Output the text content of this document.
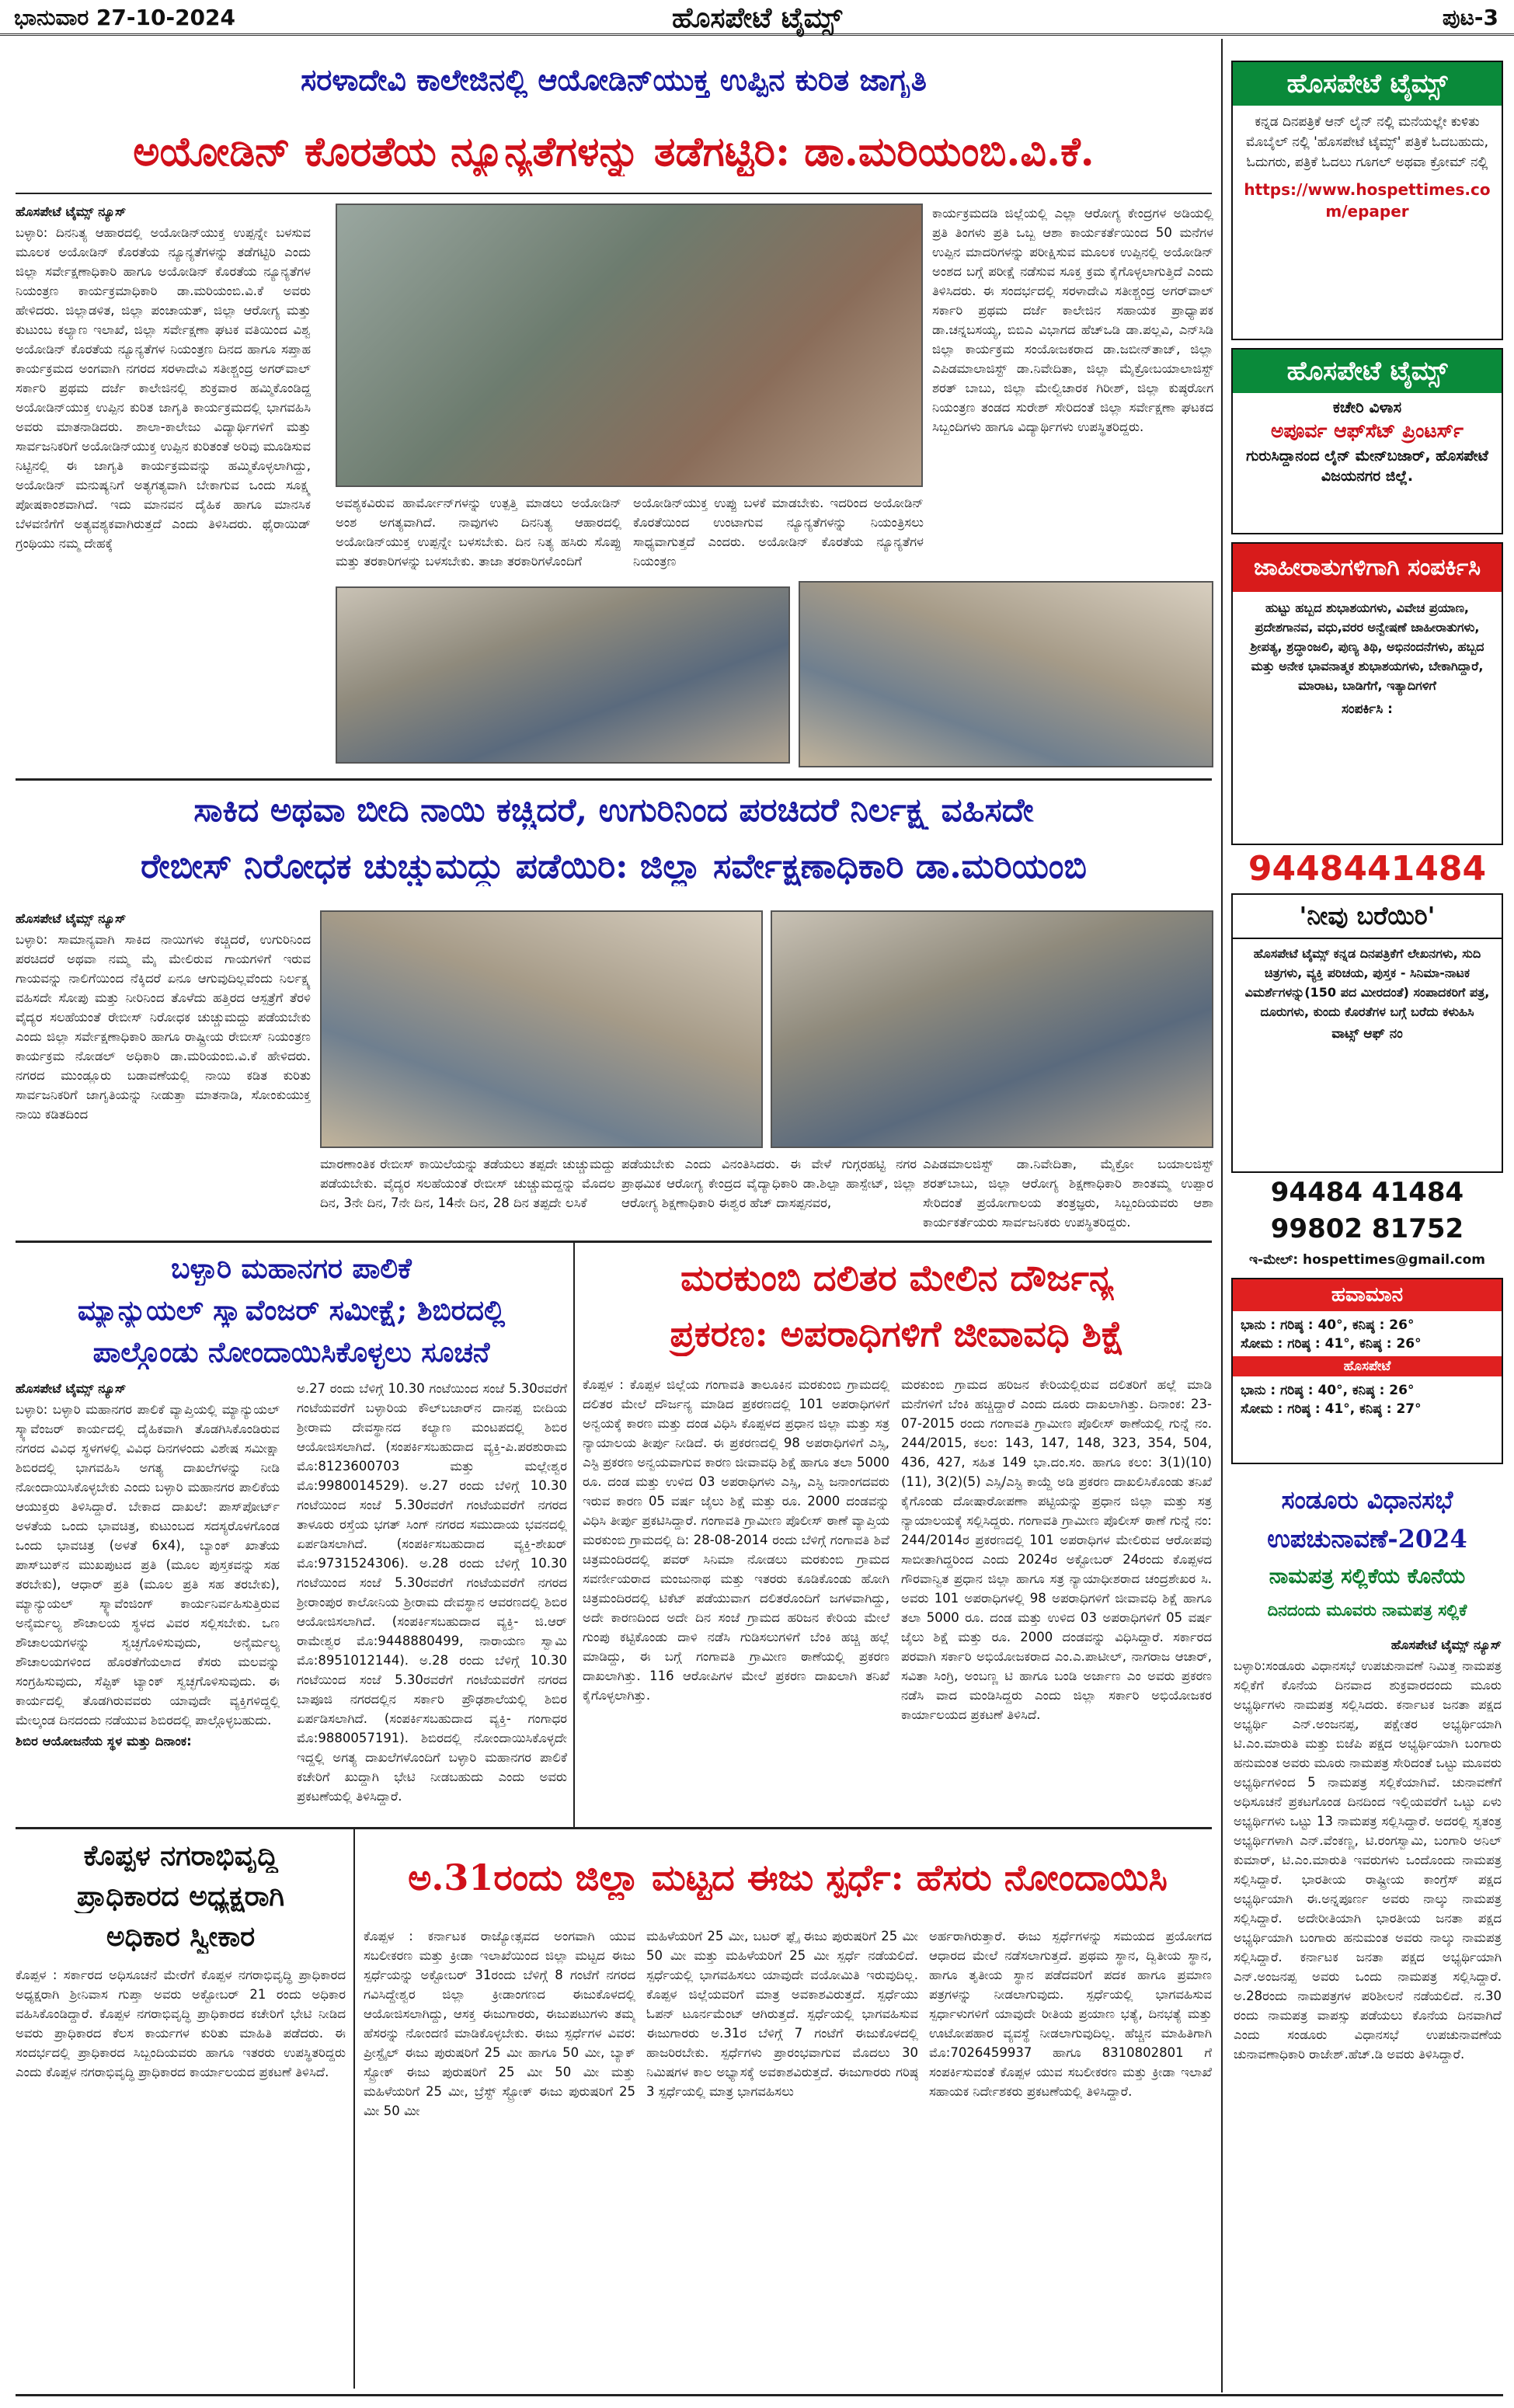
ಭಾನುವಾರ 27-10-2024	ಹೊಸಪೇಟೆ ಟೈಮ್ಸ್	ಪುಟ-3
ಸರಳಾದೇವಿ ಕಾಲೇಜಿನಲ್ಲಿ ಆಯೋಡಿನ್‌ಯುಕ್ತ ಉಪ್ಪಿನ ಕುರಿತ ಜಾಗೃತಿ
ಅಯೋಡಿನ್ ಕೊರತೆಯ ನ್ಯೂನ್ಯತೆಗಳನ್ನು ತಡೆಗಟ್ಟಿರಿ: ಡಾ.ಮರಿಯಂಬಿ.ವಿ.ಕೆ.

ಹೊಸಪೇಟೆ ಟೈಮ್ಸ್ ನ್ಯೂಸ್

ಬಳ್ಳಾರಿ: ದಿನನಿತ್ಯ ಆಹಾರದಲ್ಲಿ ಅಯೋಡಿನ್‌ಯುಕ್ತ ಉಪ್ಪನ್ನೇ ಬಳಸುವ ಮೂಲಕ ಅಯೋಡಿನ್ ಕೊರತೆಯ ನ್ಯೂನ್ಯತೆಗಳನ್ನು ತಡೆಗಟ್ಟಿರಿ ಎಂದು ಜಿಲ್ಲಾ ಸರ್ವೇಕ್ಷಣಾಧಿಕಾರಿ ಹಾಗೂ ಅಯೋಡಿನ್ ಕೊರತೆಯ ನ್ಯೂನ್ಯತೆಗಳ ನಿಯಂತ್ರಣ ಕಾರ್ಯಕ್ರಮಾಧಿಕಾರಿ ಡಾ.ಮರಿಯಂಬಿ.ವಿ.ಕೆ ಅವರು ಹೇಳಿದರು. ಜಿಲ್ಲಾಡಳಿತ, ಜಿಲ್ಲಾ ಪಂಚಾಯತ್, ಜಿಲ್ಲಾ ಆರೋಗ್ಯ ಮತ್ತು ಕುಟುಂಬ ಕಲ್ಯಾಣ ಇಲಾಖೆ, ಜಿಲ್ಲಾ ಸರ್ವೇಕ್ಷಣಾ ಘಟಕ ವತಿಯಿಂದ ವಿಶ್ವ ಅಯೋಡಿನ್ ಕೊರತೆಯ ನ್ಯೂನ್ಯತೆಗಳ ನಿಯಂತ್ರಣ ದಿನದ ಹಾಗೂ ಸಪ್ತಾಹ ಕಾರ್ಯಕ್ರಮದ ಅಂಗವಾಗಿ ನಗರದ ಸರಳಾದೇವಿ ಸತೀಶ್ಚಂದ್ರ ಅಗರ್‌ವಾಲ್ ಸರ್ಕಾರಿ ಪ್ರಥಮ ದರ್ಜೆ ಕಾಲೇಜಿನಲ್ಲಿ ಶುಕ್ರವಾರ ಹಮ್ಮಿಕೊಂಡಿದ್ದ ಅಯೋಡಿನ್‌ಯುಕ್ತ ಉಪ್ಪಿನ ಕುರಿತ ಜಾಗೃತಿ ಕಾರ್ಯಕ್ರಮದಲ್ಲಿ ಭಾಗವಹಿಸಿ ಅವರು ಮಾತನಾಡಿದರು. ಶಾಲಾ-ಕಾಲೇಜು ವಿದ್ಯಾರ್ಥಿಗಳಿಗೆ ಮತ್ತು ಸಾರ್ವಜನಿಕರಿಗೆ ಅಯೋಡಿನ್‌ಯುಕ್ತ ಉಪ್ಪಿನ ಕುರಿತಂತೆ ಅರಿವು ಮೂಡಿಸುವ ನಿಟ್ಟಿನಲ್ಲಿ ಈ ಜಾಗೃತಿ ಕಾರ್ಯಕ್ರಮವನ್ನು ಹಮ್ಮಿಕೊಳ್ಳಲಾಗಿದ್ದು, ಅಯೋಡಿನ್ ಮನುಷ್ಯನಿಗೆ ಅತ್ಯಗತ್ಯವಾಗಿ ಬೇಕಾಗುವ ಒಂದು ಸೂಕ್ಷ್ಮ ಪೋಷಕಾಂಶವಾಗಿದೆ. ಇದು ಮಾನವನ ದೈಹಿಕ ಹಾಗೂ ಮಾನಸಿಕ ಬೆಳವಣಿಗೆಗೆ ಅತ್ಯವಶ್ಯಕವಾಗಿರುತ್ತದೆ ಎಂದು ತಿಳಿಸಿದರು. ಥೈರಾಯಿಡ್ ಗ್ರಂಥಿಯು ನಮ್ಮ ದೇಹಕ್ಕೆ

ಅವಶ್ಯಕವಿರುವ ಹಾರ್ಮೋನ್‌ಗಳನ್ನು ಉತ್ಪತ್ತಿ ಮಾಡಲು ಅಯೋಡಿನ್ ಅಂಶ ಅಗತ್ಯವಾಗಿದೆ. ನಾವುಗಳು ದಿನನಿತ್ಯ ಆಹಾರದಲ್ಲಿ ಅಯೋಡಿನ್‌ಯುಕ್ತ ಉಪ್ಪನ್ನೇ ಬಳಸಬೇಕು. ದಿನ ನಿತ್ಯ ಹಸಿರು ಸೊಪ್ಪು ಮತ್ತು ತರಕಾರಿಗಳನ್ನು ಬಳಸಬೇಕು. ತಾಜಾ ತರಕಾರಿಗಳೊಂದಿಗೆ

ಅಯೋಡಿನ್‌ಯುಕ್ತ ಉಪ್ಪು ಬಳಕೆ ಮಾಡಬೇಕು. ಇದರಿಂದ ಅಯೋಡಿನ್ ಕೊರತೆಯಿಂದ ಉಂಟಾಗುವ ನ್ಯೂನ್ಯತೆಗಳನ್ನು ನಿಯಂತ್ರಿಸಲು ಸಾಧ್ಯವಾಗುತ್ತದೆ ಎಂದರು. ಅಯೋಡಿನ್ ಕೊರತೆಯ ನ್ಯೂನ್ಯತೆಗಳ ನಿಯಂತ್ರಣ

ಕಾರ್ಯಕ್ರಮದಡಿ ಜಿಲ್ಲೆಯಲ್ಲಿ ಎಲ್ಲಾ ಆರೋಗ್ಯ ಕೇಂದ್ರಗಳ ಅಡಿಯಲ್ಲಿ ಪ್ರತಿ ತಿಂಗಳು ಪ್ರತಿ ಒಬ್ಬ ಆಶಾ ಕಾರ್ಯಕರ್ತೆಯಿಂದ 50 ಮನೆಗಳ ಉಪ್ಪಿನ ಮಾದರಿಗಳನ್ನು ಪರೀಕ್ಷಿಸುವ ಮೂಲಕ ಉಪ್ಪಿನಲ್ಲಿ ಅಯೋಡಿನ್ ಅಂಶದ ಬಗ್ಗೆ ಪರೀಕ್ಷೆ ನಡೆಸುವ ಸೂಕ್ತ ಕ್ರಮ ಕೈಗೊಳ್ಳಲಾಗುತ್ತಿದೆ ಎಂದು ತಿಳಿಸಿದರು. ಈ ಸಂದರ್ಭದಲ್ಲಿ ಸರಳಾದೇವಿ ಸತೀಶ್ಚಂದ್ರ ಅಗರ್‌ವಾಲ್ ಸರ್ಕಾರಿ ಪ್ರಥಮ ದರ್ಜೆ ಕಾಲೇಜಿನ ಸಹಾಯಕ ಪ್ರಾಧ್ಯಾಪಕ ಡಾ.ಚನ್ನಬಸಯ್ಯ, ಬಿಬಿಎ ವಿಭಾಗದ ಹೆಚ್‌ಒಡಿ ಡಾ.ಪಲ್ಲವಿ, ಎನ್‌ಸಿಡಿ ಜಿಲ್ಲಾ ಕಾರ್ಯಕ್ರಮ ಸಂಯೋಜಕರಾದ ಡಾ.ಜಬೀನ್‌ತಾಜ್, ಜಿಲ್ಲಾ ಎಪಿಡಮಾಲಾಜಿಸ್ಟ್ ಡಾ.ನಿವೇದಿತಾ, ಜಿಲ್ಲಾ ಮೈಕ್ರೋಬಯಾಲಾಜಿಸ್ಟ್ ಶರತ್ ಬಾಬು, ಜಿಲ್ಲಾ ಮೇಲ್ವಿಚಾರಕ ಗಿರೀಶ್, ಜಿಲ್ಲಾ ಕುಷ್ಠರೋಗ ನಿಯಂತ್ರಣ ತಂಡದ ಸುರೇಶ್ ಸೇರಿದಂತೆ ಜಿಲ್ಲಾ ಸರ್ವೇಕ್ಷಣಾ ಘಟಕದ ಸಿಬ್ಬಂದಿಗಳು ಹಾಗೂ ವಿದ್ಯಾರ್ಥಿಗಳು ಉಪಸ್ಥಿತರಿದ್ದರು.

ಸಾಕಿದ ಅಥವಾ ಬೀದಿ ನಾಯಿ ಕಚ್ಚಿದರೆ, ಉಗುರಿನಿಂದ ಪರಚಿದರೆ ನಿರ್ಲಕ್ಷ್ಯ ವಹಿಸದೇ
ರೇಬೀಸ್ ನಿರೋಧಕ ಚುಚ್ಚುಮದ್ದು ಪಡೆಯಿರಿ: ಜಿಲ್ಲಾ ಸರ್ವೇಕ್ಷಣಾಧಿಕಾರಿ ಡಾ.ಮರಿಯಂಬಿ

ಹೊಸಪೇಟೆ ಟೈಮ್ಸ್ ನ್ಯೂಸ್

ಬಳ್ಳಾರಿ: ಸಾಮಾನ್ಯವಾಗಿ ಸಾಕಿದ ನಾಯಿಗಳು ಕಚ್ಚಿದರೆ, ಉಗುರಿನಿಂದ ಪರಚಿದರೆ ಅಥವಾ ನಮ್ಮ ಮೈ ಮೇಲಿರುವ ಗಾಯಗಳಿಗೆ ಇರುವ ಗಾಯವನ್ನು ನಾಲಿಗೆಯಿಂದ ನೆಕ್ಕಿದರೆ ಏನೂ ಆಗುವುದಿಲ್ಲವೆಂದು ನಿರ್ಲಕ್ಷ್ಯ ವಹಿಸದೇ ಸೋಪು ಮತ್ತು ನೀರಿನಿಂದ ತೊಳೆದು ಹತ್ತಿರದ ಆಸ್ಪತ್ರೆಗೆ ತೆರಳಿ ವೈದ್ಯರ ಸಲಹೆಯಂತೆ ರೇಬೀಸ್ ನಿರೋಧಕ ಚುಚ್ಚುಮದ್ದು ಪಡೆಯಬೇಕು ಎಂದು ಜಿಲ್ಲಾ ಸರ್ವೇಕ್ಷಣಾಧಿಕಾರಿ ಹಾಗೂ ರಾಷ್ಟ್ರೀಯ ರೇಬೀಸ್ ನಿಯಂತ್ರಣ ಕಾರ್ಯಕ್ರಮ ನೋಡಲ್ ಅಧಿಕಾರಿ ಡಾ.ಮರಿಯಂಬಿ.ವಿ.ಕೆ ಹೇಳಿದರು. ನಗರದ ಮುಂಡ್ಲೂರು ಬಡಾವಣೆಯಲ್ಲಿ ನಾಯಿ ಕಡಿತ ಕುರಿತು ಸಾರ್ವಜನಿಕರಿಗೆ ಜಾಗೃತಿಯನ್ನು ನೀಡುತ್ತಾ ಮಾತನಾಡಿ, ಸೋಂಕುಯುಕ್ತ ನಾಯಿ ಕಡಿತದಿಂದ

ಮಾರಣಾಂತಿಕ ರೇಬೀಸ್ ಕಾಯಿಲೆಯನ್ನು ತಡೆಯಲು ತಪ್ಪದೇ ಚುಚ್ಚುಮದ್ದು ಪಡೆಯಬೇಕು. ವೈದ್ಯರ ಸಲಹೆಯಂತೆ ರೇಬೀಸ್ ಚುಚ್ಚುಮದ್ದನ್ನು ಮೊದಲ ದಿನ, 3ನೇ ದಿನ, 7ನೇ ದಿನ, 14ನೇ ದಿನ, 28 ದಿನ ತಪ್ಪದೇ ಲಸಿಕೆ

ಪಡೆಯಬೇಕು ಎಂದು ವಿನಂತಿಸಿದರು. ಈ ವೇಳೆ ಗುಗ್ಗರಹಟ್ಟಿ ನಗರ ಪ್ರಾಥಮಿಕ ಆರೋಗ್ಯ ಕೇಂದ್ರದ ವೈದ್ಯಾಧಿಕಾರಿ ಡಾ.ಶಿಲ್ಪಾ ಹಾಸ್ಪೇಟ್, ಜಿಲ್ಲಾ ಆರೋಗ್ಯ ಶಿಕ್ಷಣಾಧಿಕಾರಿ ಈಶ್ವರ ಹೆಚ್ ದಾಸಪ್ಪನವರ,

ಎಪಿಡಮಾಲಜಿಸ್ಟ್ ಡಾ.ನಿವೇದಿತಾ, ಮೈಕ್ರೋ ಬಯಾಲಜಿಸ್ಟ್ ಶರತ್‌ಬಾಬು, ಜಿಲ್ಲಾ ಆರೋಗ್ಯ ಶಿಕ್ಷಣಾಧಿಕಾರಿ ಶಾಂತಮ್ಮ ಉಪ್ಪಾರ ಸೇರಿದಂತೆ ಪ್ರಯೋಗಾಲಯ ತಂತ್ರಜ್ಞರು, ಸಿಬ್ಬಂದಿಯವರು ಆಶಾ ಕಾರ್ಯಕರ್ತೆಯರು ಸಾರ್ವಜನಿಕರು ಉಪಸ್ಥಿತರಿದ್ದರು.

ಬಳ್ಳಾರಿ ಮಹಾನಗರ ಪಾಲಿಕೆ
ಮ್ಯಾನ್ಯುಯಲ್ ಸ್ಕ್ಯಾವೆಂಜರ್ ಸಮೀಕ್ಷೆ; ಶಿಬಿರದಲ್ಲಿ
ಪಾಲ್ಗೊಂಡು ನೋಂದಾಯಿಸಿಕೊಳ್ಳಲು ಸೂಚನೆ

ಹೊಸಪೇಟೆ ಟೈಮ್ಸ್ ನ್ಯೂಸ್

ಬಳ್ಳಾರಿ: ಬಳ್ಳಾರಿ ಮಹಾನಗರ ಪಾಲಿಕೆ ವ್ಯಾಪ್ತಿಯಲ್ಲಿ ಮ್ಯಾನ್ಯುಯಲ್ ಸ್ಕ್ಯಾವೆಂಜರ್ ಕಾರ್ಯದಲ್ಲಿ ದೈಹಿಕವಾಗಿ ತೊಡಗಿಸಿಕೊಂಡಿರುವ ನಗರದ ವಿವಿಧ ಸ್ಥಳಗಳಲ್ಲಿ ವಿವಿಧ ದಿನಗಳಂದು ವಿಶೇಷ ಸಮೀಕ್ಷಾ ಶಿಬಿರದಲ್ಲಿ ಭಾಗವಹಿಸಿ ಅಗತ್ಯ ದಾಖಲೆಗಳನ್ನು ನೀಡಿ ನೋಂದಾಯಿಸಿಕೊಳ್ಳಬೇಕು ಎಂದು ಬಳ್ಳಾರಿ ಮಹಾನಗರ ಪಾಲಿಕೆಯ ಆಯುಕ್ತರು ತಿಳಿಸಿದ್ದಾರೆ. ಬೇಕಾದ ದಾಖಲೆ: ಪಾಸ್‌ಪೋರ್ಟ್ ಅಳತೆಯ ಒಂದು ಭಾವಚಿತ್ರ, ಕುಟುಂಬದ ಸದಸ್ಯರೊಳಗೊಂಡ ಒಂದು ಭಾವಚಿತ್ರ (ಅಳತೆ 6x4), ಬ್ಯಾಂಕ್ ಖಾತೆಯ ಪಾಸ್‌ಬುಕ್‌ನ ಮುಖಪುಟದ ಪ್ರತಿ (ಮೂಲ ಪುಸ್ತಕವನ್ನು ಸಹ ತರಬೇಕು), ಆಧಾರ್ ಪ್ರತಿ (ಮೂಲ ಪ್ರತಿ ಸಹ ತರಬೇಕು), ಮ್ಯಾನ್ಯುಯಲ್ ಸ್ಕ್ಯಾವೆಂಜಿಂಗ್ ಕಾರ್ಯನಿರ್ವಹಿಸುತ್ತಿರುವ ಅನೈರ್ಮಲ್ಯ ಶೌಚಾಲಯ ಸ್ಥಳದ ವಿವರ ಸಲ್ಲಿಸಬೇಕು. ಒಣ ಶೌಚಾಲಯಗಳನ್ನು ಸ್ವಚ್ಛಗೊಳಿಸುವುದು, ಅನೈರ್ಮಲ್ಯ ಶೌಚಾಲಯಗಳಿಂದ ಹೊರತೆಗೆಯಲಾದ ಕೆಸರು ಮಲವನ್ನು ಸಂಗ್ರಹಿಸುವುದು, ಸೆಪ್ಟಿಕ್ ಟ್ಯಾಂಕ್ ಸ್ವಚ್ಛಗೊಳಿಸುವುದು. ಈ ಕಾರ್ಯದಲ್ಲಿ ತೊಡಗಿರುವವರು ಯಾವುದೇ ವ್ಯಕ್ತಿಗಳಿದ್ದಲ್ಲಿ ಮೇಲ್ಕಂಡ ದಿನದಂದು ನಡೆಯುವ ಶಿಬಿರದಲ್ಲಿ ಪಾಲ್ಗೊಳ್ಳಬಹುದು.

ಶಿಬಿರ ಆಯೋಜನೆಯ ಸ್ಥಳ ಮತ್ತು ದಿನಾಂಕ:

ಅ.27 ರಂದು ಬೆಳಿಗ್ಗೆ 10.30 ಗಂಟೆಯಿಂದ ಸಂಜೆ 5.30ರವರೆಗೆ ಗಂಟೆಯವರೆಗೆ ಬಳ್ಳಾರಿಯ ಕೌಲ್‌ಬಜಾರ್‌ನ ದಾನಪ್ಪ ಬೀದಿಯ ಶ್ರೀರಾಮ ದೇವಸ್ಥಾನದ ಕಲ್ಯಾಣ ಮಂಟಪದಲ್ಲಿ ಶಿಬಿರ ಆಯೋಜಿಸಲಾಗಿದೆ. (ಸಂಪರ್ಕಿಸಬಹುದಾದ ವ್ಯಕ್ತಿ-ಪಿ.ಪರಶುರಾಮ ಮೊ:8123600703 ಮತ್ತು ಮಲ್ಲೇಶ್ವರ ಮೊ:9980014529). ಅ.27 ರಂದು ಬೆಳಿಗ್ಗೆ 10.30 ಗಂಟೆಯಿಂದ ಸಂಜೆ 5.30ರವರೆಗೆ ಗಂಟೆಯವರೆಗೆ ನಗರದ ತಾಳೂರು ರಸ್ತೆಯ ಭಗತ್ ಸಿಂಗ್ ನಗರದ ಸಮುದಾಯ ಭವನದಲ್ಲಿ ಏರ್ಪಡಿಸಲಾಗಿದೆ. (ಸಂಪರ್ಕಿಸಬಹುದಾದ ವ್ಯಕ್ತಿ-ಶೇಖರ್ ಮೊ:9731524306). ಅ.28 ರಂದು ಬೆಳಿಗ್ಗೆ 10.30 ಗಂಟೆಯಿಂದ ಸಂಜೆ 5.30ರವರೆಗೆ ಗಂಟೆಯವರೆಗೆ ನಗರದ ಶ್ರೀರಾಂಪುರ ಕಾಲೋನಿಯ ಶ್ರೀರಾಮ ದೇವಸ್ಥಾನ ಆವರಣದಲ್ಲಿ ಶಿಬಿರ ಆಯೋಜಿಸಲಾಗಿದೆ. (ಸಂಪರ್ಕಿಸಬಹುದಾದ ವ್ಯಕ್ತಿ- ಜಿ.ಆರ್ ರಾಮೇಶ್ವರ ಮೊ:9448880499, ನಾರಾಯಣ ಸ್ವಾಮಿ ಮೊ:8951012144). ಅ.28 ರಂದು ಬೆಳಿಗ್ಗೆ 10.30 ಗಂಟೆಯಿಂದ ಸಂಜೆ 5.30ರವರೆಗೆ ಗಂಟೆಯವರೆಗೆ ನಗರದ ಬಾಪೂಜಿ ನಗರದಲ್ಲಿನ ಸರ್ಕಾರಿ ಪ್ರೌಢಶಾಲೆಯಲ್ಲಿ ಶಿಬಿರ ಏರ್ಪಡಿಸಲಾಗಿದೆ. (ಸಂಪರ್ಕಿಸಬಹುದಾದ ವ್ಯಕ್ತಿ- ಗಂಗಾಧರ ಮೊ:9880057191). ಶಿಬಿರದಲ್ಲಿ ನೋಂದಾಯಿಸಿಕೊಳ್ಳದೇ ಇದ್ದಲ್ಲಿ ಅಗತ್ಯ ದಾಖಲೆಗಳೊಂದಿಗೆ ಬಳ್ಳಾರಿ ಮಹಾನಗರ ಪಾಲಿಕೆ ಕಚೇರಿಗೆ ಖುದ್ದಾಗಿ ಭೇಟಿ ನೀಡಬಹುದು ಎಂದು ಅವರು ಪ್ರಕಟಣೆಯಲ್ಲಿ ತಿಳಿಸಿದ್ದಾರೆ.

ಮರಕುಂಬಿ ದಲಿತರ ಮೇಲಿನ ದೌರ್ಜನ್ಯ
ಪ್ರಕರಣ: ಅಪರಾಧಿಗಳಿಗೆ ಜೀವಾವಧಿ ಶಿಕ್ಷೆ

ಕೊಪ್ಪಳ : ಕೊಪ್ಪಳ ಜಿಲ್ಲೆಯ ಗಂಗಾವತಿ ತಾಲೂಕಿನ ಮರಕುಂಬಿ ಗ್ರಾಮದಲ್ಲಿ ದಲಿತರ ಮೇಲೆ ದೌರ್ಜನ್ಯ ಮಾಡಿದ ಪ್ರಕರಣದಲ್ಲಿ 101 ಅಪರಾಧಿಗಳಿಗೆ ಅನ್ವಯಕ್ಕೆ ಕಾರಣ ಮತ್ತು ದಂಡ ವಿಧಿಸಿ ಕೊಪ್ಪಳದ ಪ್ರಧಾನ ಜಿಲ್ಲಾ ಮತ್ತು ಸತ್ರ ನ್ಯಾಯಾಲಯ ತೀರ್ಪು ನೀಡಿದೆ. ಈ ಪ್ರಕರಣದಲ್ಲಿ 98 ಅಪರಾಧಿಗಳಿಗೆ ಎಸ್ಸಿ, ಎಸ್ಟಿ ಪ್ರಕರಣ ಅನ್ವಯವಾಗುವ ಕಾರಣ ಜೀವಾವಧಿ ಶಿಕ್ಷೆ ಹಾಗೂ ತಲಾ 5000 ರೂ. ದಂಡ ಮತ್ತು ಉಳಿದ 03 ಅಪರಾಧಿಗಳು ಎಸ್ಸಿ, ಎಸ್ಟಿ ಜನಾಂಗದವರು ಇರುವ ಕಾರಣ 05 ವರ್ಷ ಜೈಲು ಶಿಕ್ಷೆ ಮತ್ತು ರೂ. 2000 ದಂಡವನ್ನು ವಿಧಿಸಿ ತೀರ್ಪು ಪ್ರಕಟಿಸಿದ್ದಾರೆ. ಗಂಗಾವತಿ ಗ್ರಾಮೀಣ ಪೊಲೀಸ್ ಠಾಣೆ ವ್ಯಾಪ್ತಿಯ ಮರಕುಂಬಿ ಗ್ರಾಮದಲ್ಲಿ ದಿ: 28-08-2014 ರಂದು ಬೆಳಿಗ್ಗೆ ಗಂಗಾವತಿ ಶಿವೆ ಚಿತ್ರಮಂದಿರದಲ್ಲಿ ಪವರ್ ಸಿನಿಮಾ ನೋಡಲು ಮರಕುಂಬಿ ಗ್ರಾಮದ ಸವರ್ಣೀಯರಾದ ಮಂಜುನಾಥ ಮತ್ತು ಇತರರು ಕೂಡಿಕೊಂಡು ಹೋಗಿ ಚಿತ್ರಮಂದಿರದಲ್ಲಿ ಟಿಕೆಟ್ ಪಡೆಯುವಾಗ ದಲಿತರೊಂದಿಗೆ ಜಗಳವಾಗಿದ್ದು, ಅದೇ ಕಾರಣದಿಂದ ಅದೇ ದಿನ ಸಂಜೆ ಗ್ರಾಮದ ಹರಿಜನ ಕೇರಿಯ ಮೇಲೆ ಗುಂಪು ಕಟ್ಟಿಕೊಂಡು ದಾಳಿ ನಡೆಸಿ ಗುಡಿಸಲುಗಳಿಗೆ ಬೆಂಕಿ ಹಚ್ಚಿ ಹಲ್ಲೆ ಮಾಡಿದ್ದು, ಈ ಬಗ್ಗೆ ಗಂಗಾವತಿ ಗ್ರಾಮೀಣ ಠಾಣೆಯಲ್ಲಿ ಪ್ರಕರಣ ದಾಖಲಾಗಿತ್ತು. 116 ಆರೋಪಿಗಳ ಮೇಲೆ ಪ್ರಕರಣ ದಾಖಲಾಗಿ ತನಿಖೆ ಕೈಗೊಳ್ಳಲಾಗಿತ್ತು.

ಮರಕುಂಬಿ ಗ್ರಾಮದ ಹರಿಜನ ಕೇರಿಯಲ್ಲಿರುವ ದಲಿತರಿಗೆ ಹಲ್ಲೆ ಮಾಡಿ ಮನೆಗಳಿಗೆ ಬೆಂಕಿ ಹಚ್ಚಿದ್ದಾರೆ ಎಂದು ದೂರು ದಾಖಲಾಗಿತ್ತು. ದಿನಾಂಕ: 23-07-2015 ರಂದು ಗಂಗಾವತಿ ಗ್ರಾಮೀಣ ಪೊಲೀಸ್ ಠಾಣೆಯಲ್ಲಿ ಗುನ್ನೆ ನಂ. 244/2015, ಕಲಂ: 143, 147, 148, 323, 354, 504, 436, 427, ಸಹಿತ 149 ಭಾ.ದಂ.ಸಂ. ಹಾಗೂ ಕಲಂ: 3(1)(10)(11), 3(2)(5) ಎಸ್ಸಿ/ಎಸ್ಟಿ ಕಾಯ್ದೆ ಅಡಿ ಪ್ರಕರಣ ದಾಖಲಿಸಿಕೊಂಡು ತನಿಖೆ ಕೈಗೊಂಡು ದೋಷಾರೋಪಣಾ ಪಟ್ಟಿಯನ್ನು ಪ್ರಧಾನ ಜಿಲ್ಲಾ ಮತ್ತು ಸತ್ರ ನ್ಯಾಯಾಲಯಕ್ಕೆ ಸಲ್ಲಿಸಿದ್ದರು. ಗಂಗಾವತಿ ಗ್ರಾಮೀಣ ಪೊಲೀಸ್ ಠಾಣೆ ಗುನ್ನೆ ನಂ: 244/2014ರ ಪ್ರಕರಣದಲ್ಲಿ 101 ಅಪರಾಧಿಗಳ ಮೇಲಿರುವ ಆರೋಪವು ಸಾಬೀತಾಗಿದ್ದರಿಂದ ಎಂದು 2024ರ ಅಕ್ಟೋಬರ್ 24ರಂದು ಕೊಪ್ಪಳದ ಗೌರವಾನ್ವಿತ ಪ್ರಧಾನ ಜಿಲ್ಲಾ ಹಾಗೂ ಸತ್ರ ನ್ಯಾಯಾಧೀಶರಾದ ಚಂದ್ರಶೇಖರ ಸಿ. ಅವರು 101 ಅಪರಾಧಿಗಳಲ್ಲಿ 98 ಅಪರಾಧಿಗಳಿಗೆ ಜೀವಾವಧಿ ಶಿಕ್ಷೆ ಹಾಗೂ ತಲಾ 5000 ರೂ. ದಂಡ ಮತ್ತು ಉಳಿದ 03 ಅಪರಾಧಿಗಳಿಗೆ 05 ವರ್ಷ ಜೈಲು ಶಿಕ್ಷೆ ಮತ್ತು ರೂ. 2000 ದಂಡವನ್ನು ವಿಧಿಸಿದ್ದಾರೆ. ಸರ್ಕಾರದ ಪರವಾಗಿ ಸರ್ಕಾರಿ ಅಭಿಯೋಜಕರಾದ ಎಂ.ಎ.ಪಾಟೀಲ್, ನಾಗರಾಜ ಆಚಾರ್, ಸವಿತಾ ಸಿಂಗ್ರಿ, ಅಂಬಣ್ಣ ಟಿ ಹಾಗೂ ಬಂಡಿ ಅರ್ಜಾಣ ಎಂ ಅವರು ಪ್ರಕರಣ ನಡೆಸಿ ವಾದ ಮಂಡಿಸಿದ್ದರು ಎಂದು ಜಿಲ್ಲಾ ಸರ್ಕಾರಿ ಅಭಿಯೋಜಕರ ಕಾರ್ಯಾಲಯದ ಪ್ರಕಟಣೆ ತಿಳಿಸಿದೆ.

ಕೊಪ್ಪಳ ನಗರಾಭಿವೃದ್ಧಿ
ಪ್ರಾಧಿಕಾರದ ಅಧ್ಯಕ್ಷರಾಗಿ
ಅಧಿಕಾರ ಸ್ವೀಕಾರ

ಕೊಪ್ಪಳ : ಸರ್ಕಾರದ ಅಧಿಸೂಚನೆ ಮೇರೆಗೆ ಕೊಪ್ಪಳ ನಗರಾಭಿವೃದ್ಧಿ ಪ್ರಾಧಿಕಾರದ ಅಧ್ಯಕ್ಷರಾಗಿ ಶ್ರೀನಿವಾಸ ಗುಪ್ತಾ ಅವರು ಅಕ್ಟೋಬರ್ 21 ರಂದು ಅಧಿಕಾರ ವಹಿಸಿಕೊಂಡಿದ್ದಾರೆ. ಕೊಪ್ಪಳ ನಗರಾಭಿವೃದ್ಧಿ ಪ್ರಾಧಿಕಾರದ ಕಚೇರಿಗೆ ಭೇಟಿ ನೀಡಿದ ಅವರು ಪ್ರಾಧಿಕಾರದ ಕೆಲಸ ಕಾರ್ಯಗಳ ಕುರಿತು ಮಾಹಿತಿ ಪಡೆದರು. ಈ ಸಂದರ್ಭದಲ್ಲಿ ಪ್ರಾಧಿಕಾರದ ಸಿಬ್ಬಂದಿಯವರು ಹಾಗೂ ಇತರರು ಉಪಸ್ಥಿತರಿದ್ದರು ಎಂದು ಕೊಪ್ಪಳ ನಗರಾಭಿವೃದ್ಧಿ ಪ್ರಾಧಿಕಾರದ ಕಾರ್ಯಾಲಯದ ಪ್ರಕಟಣೆ ತಿಳಿಸಿದೆ.

ಅ.31ರಂದು ಜಿಲ್ಲಾ ಮಟ್ಟದ ಈಜು ಸ್ಪರ್ಧೆ: ಹೆಸರು ನೋಂದಾಯಿಸಿ

ಕೊಪ್ಪಳ : ಕರ್ನಾಟಕ ರಾಜ್ಯೋತ್ಸವದ ಅಂಗವಾಗಿ ಯುವ ಸಬಲೀಕರಣ ಮತ್ತು ಕ್ರೀಡಾ ಇಲಾಖೆಯಿಂದ ಜಿಲ್ಲಾ ಮಟ್ಟದ ಈಜು ಸ್ಪರ್ಧೆಯನ್ನು ಅಕ್ಟೋಬರ್ 31ರಂದು ಬೆಳಿಗ್ಗೆ 8 ಗಂಟೆಗೆ ನಗರದ ಗವಿಸಿದ್ದೇಶ್ವರ ಜಿಲ್ಲಾ ಕ್ರೀಡಾಂಗಣದ ಈಜುಕೊಳದಲ್ಲಿ ಆಯೋಜಿಸಲಾಗಿದ್ದು, ಆಸಕ್ತ ಈಜುಗಾರರು, ಈಜುಪಟುಗಳು ತಮ್ಮ ಹೆಸರನ್ನು ನೋಂದಣಿ ಮಾಡಿಕೊಳ್ಳಬೇಕು. ಈಜು ಸ್ಪರ್ಧೆಗಳ ವಿವರ: ಪ್ರೀಸ್ಟೈಲ್ ಈಜು ಪುರುಷರಿಗೆ 25 ಮೀ ಹಾಗೂ 50 ಮೀ, ಬ್ಯಾಕ್ ಸ್ಟ್ರೋಕ್ ಈಜು ಪುರುಷರಿಗೆ 25 ಮೀ 50 ಮೀ ಮತ್ತು ಮಹಿಳೆಯರಿಗೆ 25 ಮೀ, ಬ್ರೆಸ್ಟ್ ಸ್ಟ್ರೋಕ್ ಈಜು ಪುರುಷರಿಗೆ 25 ಮೀ 50 ಮೀ

ಮಹಿಳೆಯರಿಗೆ 25 ಮೀ, ಬಟರ್ ಫ್ಲೈ ಈಜು ಪುರುಷರಿಗೆ 25 ಮೀ 50 ಮೀ ಮತ್ತು ಮಹಿಳೆಯರಿಗೆ 25 ಮೀ ಸ್ಪರ್ಧೆ ನಡೆಯಲಿದೆ. ಸ್ಪರ್ಧೆಯಲ್ಲಿ ಭಾಗವಹಿಸಲು ಯಾವುದೇ ವಯೋಮಿತಿ ಇರುವುದಿಲ್ಲ. ಕೊಪ್ಪಳ ಜಿಲ್ಲೆಯವರಿಗೆ ಮಾತ್ರ ಅವಕಾಶವಿರುತ್ತದೆ. ಸ್ಪರ್ಧೆಯು ಓಪನ್ ಟೂರ್ನಮೆಂಟ್ ಆಗಿರುತ್ತದೆ. ಸ್ಪರ್ಧೆಯಲ್ಲಿ ಭಾಗವಹಿಸುವ ಈಜುಗಾರರು ಅ.31ರ ಬೆಳಿಗ್ಗೆ 7 ಗಂಟೆಗೆ ಈಜುಕೊಳದಲ್ಲಿ ಹಾಜರಿರಬೇಕು. ಸ್ಪರ್ಧೆಗಳು ಪ್ರಾರಂಭವಾಗುವ ಮೊದಲು 30 ನಿಮಿಷಗಳ ಕಾಲ ಅಭ್ಯಾಸಕ್ಕೆ ಅವಕಾಶವಿರುತ್ತದೆ. ಈಜುಗಾರರು ಗರಿಷ್ಠ 3 ಸ್ಪರ್ಧೆಯಲ್ಲಿ ಮಾತ್ರ ಭಾಗವಹಿಸಲು

ಅರ್ಹರಾಗಿರುತ್ತಾರೆ. ಈಜು ಸ್ಪರ್ಧೆಗಳನ್ನು ಸಮಯದ ಪ್ರಯೋಗದ ಆಧಾರದ ಮೇಲೆ ನಡೆಸಲಾಗುತ್ತದೆ. ಪ್ರಥಮ ಸ್ಥಾನ, ದ್ವಿತೀಯ ಸ್ಥಾನ, ಹಾಗೂ ತೃತೀಯ ಸ್ಥಾನ ಪಡೆದವರಿಗೆ ಪದಕ ಹಾಗೂ ಪ್ರಮಾಣ ಪತ್ರಗಳನ್ನು ನೀಡಲಾಗುವುದು. ಸ್ಪರ್ಧೆಯಲ್ಲಿ ಭಾಗವಹಿಸುವ ಸ್ಪರ್ಧಾಳುಗಳಿಗೆ ಯಾವುದೇ ರೀತಿಯ ಪ್ರಯಾಣ ಭತ್ಯೆ, ದಿನಭತ್ಯೆ ಮತ್ತು ಊಟೋಪಹಾರ ವ್ಯವಸ್ಥೆ ನೀಡಲಾಗುವುದಿಲ್ಲ. ಹೆಚ್ಚಿನ ಮಾಹಿತಿಗಾಗಿ ಮೊ:7026459937 ಹಾಗೂ 8310802801 ಗೆ ಸಂಪರ್ಕಿಸುವಂತೆ ಕೊಪ್ಪಳ ಯುವ ಸಬಲೀಕರಣ ಮತ್ತು ಕ್ರೀಡಾ ಇಲಾಖೆ ಸಹಾಯಕ ನಿರ್ದೇಶಕರು ಪ್ರಕಟಣೆಯಲ್ಲಿ ತಿಳಿಸಿದ್ದಾರೆ.

ಹೊಸಪೇಟೆ ಟೈಮ್ಸ್
ಕನ್ನಡ ದಿನಪತ್ರಿಕೆ ಆನ್ ಲೈನ್ ನಲ್ಲಿ ಮನೆಯಲ್ಲೇ ಕುಳಿತು ಮೊಬೈಲ್ ನಲ್ಲಿ 'ಹೊಸಪೇಟೆ ಟೈಮ್ಸ್' ಪತ್ರಿಕೆ ಓದಬಹುದು, ಓದುಗರು, ಪತ್ರಿಕೆ ಓದಲು ಗೂಗಲ್ ಅಥವಾ ಕ್ರೋಮ್ ನಲ್ಲಿ
https://www.hospettimes.com/epaper
ಹೊಸಪೇಟೆ ಟೈಮ್ಸ್
ಕಚೇರಿ ವಿಳಾಸ
ಅಪೂರ್ವ ಆಫ್‌ಸೆಟ್ ಪ್ರಿಂಟರ್ಸ್
ಗುರುಸಿದ್ದಾನಂದ ಲೈನ್ ಮೇನ್‌ಬಜಾರ್, ಹೊಸಪೇಟೆ ವಿಜಯನಗರ ಜಿಲ್ಲೆ.
ಜಾಹೀರಾತುಗಳಿಗಾಗಿ ಸಂಪರ್ಕಿಸಿ
ಹುಟ್ಟು ಹಬ್ಬದ ಶುಭಾಶಯಗಳು, ವಿವೇಚ ಪ್ರಯಾಣ, ಪ್ರದೇಶಗಾನವ, ವಧು,ವರರ ಅನ್ವೇಷಣೆ ಜಾಹೀರಾತುಗಳು, ಶ್ರೀಪತ್ಯ, ಶ್ರದ್ಧಾಂಜಲಿ, ಪುಣ್ಯ ತಿಥಿ, ಅಭಿನಂದನೆಗಳು, ಹಬ್ಬದ ಮತ್ತು ಅನೇಕ ಭಾವನಾತ್ಮಕ ಶುಭಾಶಯಗಳು, ಬೇಕಾಗಿದ್ದಾರೆ, ಮಾರಾಟ, ಬಾಡಿಗೆಗೆ, ಇತ್ಯಾದಿಗಳಿಗೆ
ಸಂಪರ್ಕಿಸಿ :
9448441484
'ನೀವು ಬರೆಯಿರಿ'
ಹೊಸಪೇಟೆ ಟೈಮ್ಸ್ ಕನ್ನಡ ದಿನಪತ್ರಿಕೆಗೆ ಲೇಖನಗಳು, ಸುದಿ ಚಿತ್ರಗಳು, ವ್ಯಕ್ತಿ ಪರಿಚಯ, ಪುಸ್ತಕ - ಸಿನಿಮಾ-ನಾಟಕ ವಿಮರ್ಶೆಗಳನ್ನು(150 ಪದ ಮೀರದಂತೆ) ಸಂಪಾದಕರಿಗೆ ಪತ್ರ, ದೂರುಗಳು, ಕುಂದು ಕೊರತೆಗಳ ಬಗ್ಗೆ ಬರೆದು ಕಳುಹಿಸಿ
ವಾಟ್ಸ್ ಆಫ್ ನಂ
94484 41484
99802 81752
ಇ-ಮೇಲ್: hospettimes@gmail.com
ಹವಾಮಾನ
ಭಾನು : ಗರಿಷ್ಠ : 40°, ಕನಿಷ್ಠ : 26°
ಸೋಮ : ಗರಿಷ್ಠ : 41°, ಕನಿಷ್ಠ : 26°
ಹೊಸಪೇಟೆ
ಭಾನು : ಗರಿಷ್ಠ : 40°, ಕನಿಷ್ಠ : 26°
ಸೋಮ : ಗರಿಷ್ಠ : 41°, ಕನಿಷ್ಠ : 27°
ಸಂಡೂರು ವಿಧಾನಸಭೆ
ಉಪಚುನಾವಣೆ-2024
ನಾಮಪತ್ರ ಸಲ್ಲಿಕೆಯ ಕೊನೆಯ
ದಿನದಂದು ಮೂವರು ನಾಮಪತ್ರ ಸಲ್ಲಿಕೆ

ಹೊಸಪೇಟೆ ಟೈಮ್ಸ್ ನ್ಯೂಸ್

ಬಳ್ಳಾರಿ:ಸಂಡೂರು ವಿಧಾನಸಭೆ ಉಪಚುನಾವಣೆ ನಿಮಿತ್ತ ನಾಮಪತ್ರ ಸಲ್ಲಿಕೆಗೆ ಕೊನೆಯ ದಿನವಾದ ಶುಕ್ರವಾರದಂದು ಮೂರು ಅಭ್ಯರ್ಥಿಗಳು ನಾಮಪತ್ರ ಸಲ್ಲಿಸಿದರು. ಕರ್ನಾಟಕ ಜನತಾ ಪಕ್ಷದ ಅಭ್ಯರ್ಥಿ ಎನ್.ಅಂಜನಪ್ಪ, ಪಕ್ಷೇತರ ಅಭ್ಯರ್ಥಿಯಾಗಿ ಟಿ.ಎಂ.ಮಾರುತಿ ಮತ್ತು ಬಿಜೆಪಿ ಪಕ್ಷದ ಅಭ್ಯರ್ಥಿಯಾಗಿ ಬಂಗಾರು ಹನುಮಂತ ಅವರು ಮೂರು ನಾಮಪತ್ರ ಸೇರಿದಂತೆ ಒಟ್ಟು ಮೂವರು ಅಭ್ಯರ್ಥಿಗಳಿಂದ 5 ನಾಮಪತ್ರ ಸಲ್ಲಿಕೆಯಾಗಿವೆ. ಚುನಾವಣೆಗೆ ಅಧಿಸೂಚನೆ ಪ್ರಕಟಗೊಂಡ ದಿನದಿಂದ ಇಲ್ಲಿಯವರೆಗೆ ಒಟ್ಟು ಏಳು ಅಭ್ಯರ್ಥಿಗಳು ಒಟ್ಟು 13 ನಾಮಪತ್ರ ಸಲ್ಲಿಸಿದ್ದಾರೆ. ಅದರಲ್ಲಿ ಸ್ವತಂತ್ರ ಅಭ್ಯರ್ಥಿಗಳಾಗಿ ಎನ್.ವೆಂಕಣ್ಣ, ಟಿ.ರಂಗಸ್ವಾಮಿ, ಬಂಗಾರಿ ಅನಿಲ್ ಕುಮಾರ್, ಟಿ.ಎಂ.ಮಾರುತಿ ಇವರುಗಳು ಒಂದೊಂದು ನಾಮಪತ್ರ ಸಲ್ಲಿಸಿದ್ದಾರೆ. ಭಾರತೀಯ ರಾಷ್ಟ್ರೀಯ ಕಾಂಗ್ರೆಸ್ ಪಕ್ಷದ ಅಭ್ಯರ್ಥಿಯಾಗಿ ಈ.ಅನ್ನಪೂರ್ಣ ಅವರು ನಾಲ್ಕು ನಾಮಪತ್ರ ಸಲ್ಲಿಸಿದ್ದಾರೆ. ಅದೇರೀತಿಯಾಗಿ ಭಾರತೀಯ ಜನತಾ ಪಕ್ಷದ ಅಭ್ಯರ್ಥಿಯಾಗಿ ಬಂಗಾರು ಹನುಮಂತ ಅವರು ನಾಲ್ಕು ನಾಮಪತ್ರ ಸಲ್ಲಿಸಿದ್ದಾರೆ. ಕರ್ನಾಟಕ ಜನತಾ ಪಕ್ಷದ ಅಭ್ಯರ್ಥಿಯಾಗಿ ಎನ್.ಅಂಜನಪ್ಪ ಅವರು ಒಂದು ನಾಮಪತ್ರ ಸಲ್ಲಿಸಿದ್ದಾರೆ. ಅ.28ರಂದು ನಾಮಪತ್ರಗಳ ಪರಿಶೀಲನೆ ನಡೆಯಲಿದೆ. ನ.30 ರಂದು ನಾಮಪತ್ರ ವಾಪಸ್ಸು ಪಡೆಯಲು ಕೊನೆಯ ದಿನವಾಗಿದೆ ಎಂದು ಸಂಡೂರು ವಿಧಾನಸಭೆ ಉಪಚುನಾವಣೆಯ ಚುನಾವಣಾಧಿಕಾರಿ ರಾಜೇಶ್.ಹೆಚ್.ಡಿ ಅವರು ತಿಳಿಸಿದ್ದಾರೆ.
